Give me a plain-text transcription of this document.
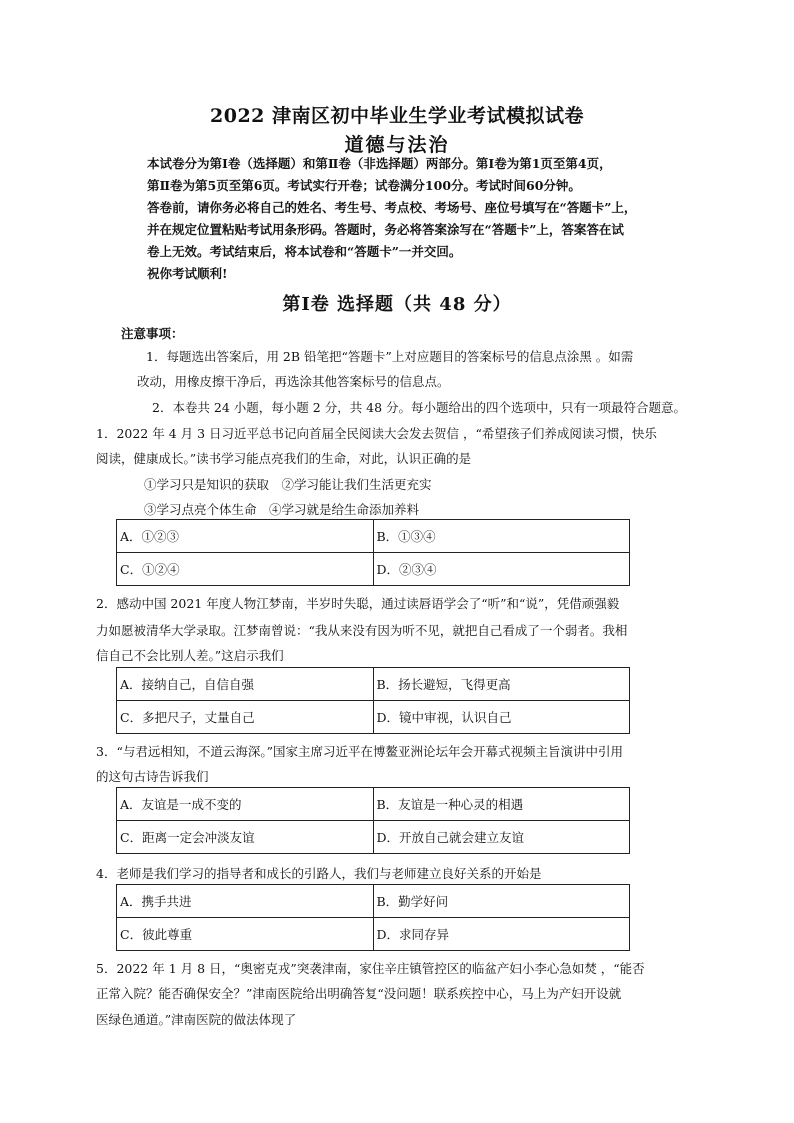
2022 津南区初中毕业生学业考试模拟试卷
道德与法治

本试卷分为第Ⅰ卷（选择题）和第Ⅱ卷（非选择题）两部分。第Ⅰ卷为第1页至第4页，

第Ⅱ卷为第5页至第6页。考试实行开卷；试卷满分100分。考试时间60分钟。

答卷前，请你务必将自己的姓名、考生号、考点校、考场号、座位号填写在“答题卡”上，

并在规定位置粘贴考试用条形码。答题时，务必将答案涂写在“答题卡”上，答案答在试

卷上无效。考试结束后，将本试卷和“答题卡”一并交回。

祝你考试顺利!

第Ⅰ卷 选择题（共 48 分）
注意事项：
1．每题选出答案后，用 2B 铅笔把“答题卡”上对应题目的答案标号的信息点涂黑 。如需
改动，用橡皮擦干净后，再选涂其他答案标号的信息点。
2．本卷共 24 小题，每小题 2 分，共 48 分。每小题给出的四个选项中，只有一项最符合题意。
1．2022 年 4 月 3 日习近平总书记向首届全民阅读大会发去贺信 ，“希望孩子们养成阅读习惯，快乐
阅读，健康成长。”读书学习能点亮我们的生命，对此，认识正确的是
①学习只是知识的获取　②学习能让我们生活更充实
③学习点亮个体生命　④学习就是给生命添加养料
A．①②③	B．①③④
C．①②④	D．②③④
2．感动中国 2021 年度人物江梦南，半岁时失聪，通过读唇语学会了“听”和“说”，凭借顽强毅
力如愿被清华大学录取。江梦南曾说：“我从来没有因为听不见，就把自己看成了一个弱者。我相
信自己不会比别人差。”这启示我们
A．接纳自己，自信自强	B．扬长避短，飞得更高
C．多把尺子，丈量自己	D．镜中审视，认识自己
3．“与君远相知，不道云海深。”国家主席习近平在博鳌亚洲论坛年会开幕式视频主旨演讲中引用
的这句古诗告诉我们
A．友谊是一成不变的	B．友谊是一种心灵的相遇
C．距离一定会冲淡友谊	D．开放自己就会建立友谊
4．老师是我们学习的指导者和成长的引路人，我们与老师建立良好关系的开始是
A．携手共进	B．勤学好问
C．彼此尊重	D．求同存异
5．2022 年 1 月 8 日，“奥密克戎”突袭津南，家住辛庄镇管控区的临盆产妇小李心急如焚 ，“能否
正常入院？能否确保安全？”津南医院给出明确答复“没问题！联系疾控中心，马上为产妇开设就
医绿色通道。”津南医院的做法体现了
